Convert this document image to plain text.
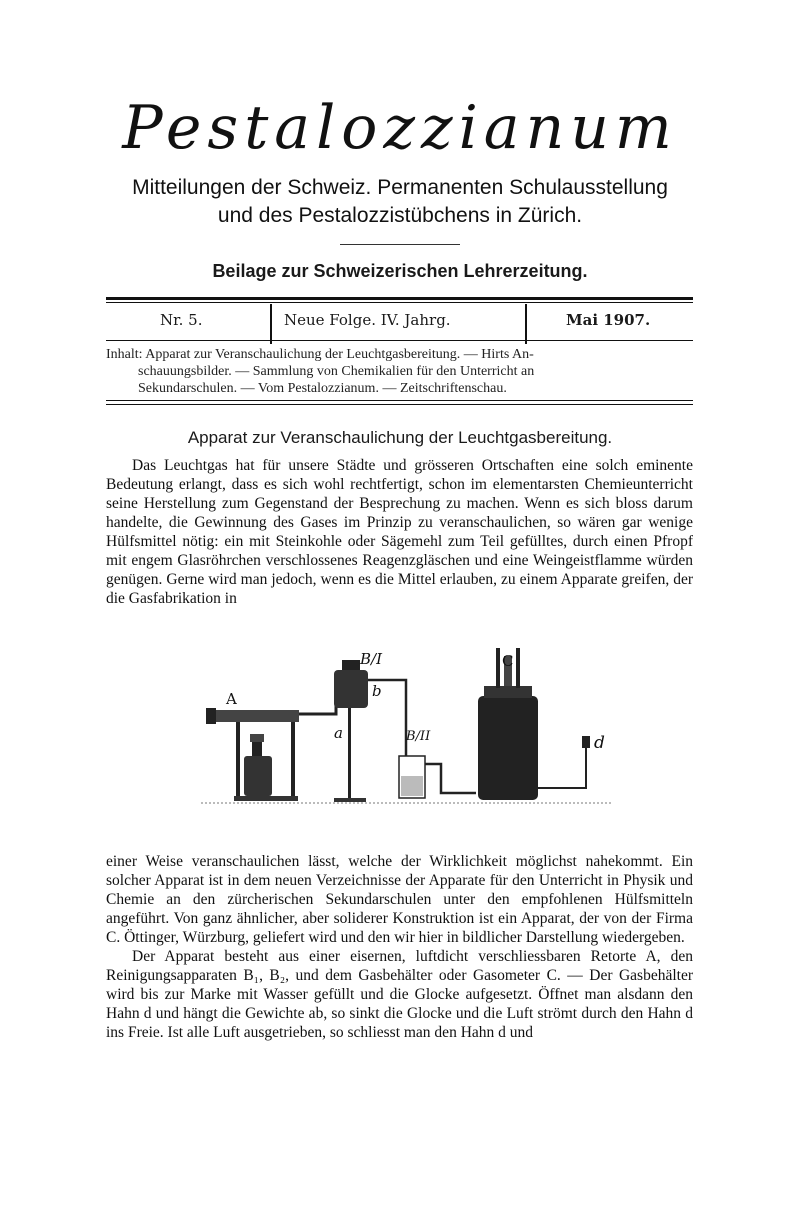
Pestalozzianum
Mitteilungen der Schweiz. Permanenten Schulausstellung
und des Pestalozzistübchens in Zürich.
Beilage zur Schweizerischen Lehrerzeitung.
Nr. 5.	Neue Folge. IV. Jahrg.	Mai 1907.
Inhalt: Apparat zur Veranschaulichung der Leuchtgasbereitung. — Hirts An-
schauungsbilder. — Sammlung von Chemikalien für den Unterricht an
Sekundarschulen. — Vom Pestalozzianum. — Zeitschriftenschau.
Apparat zur Veranschaulichung der Leuchtgasbereitung.

Das Leuchtgas hat für unsere Städte und grösseren Ortschaften eine solch eminente Bedeutung erlangt, dass es sich wohl rechtfertigt, schon im elementarsten Chemieunterricht seine Herstellung zum Gegenstand der Besprechung zu machen. Wenn es sich bloss darum handelte, die Gewinnung des Gases im Prinzip zu veranschaulichen, so wären gar wenige Hülfsmittel nötig: ein mit Steinkohle oder Sägemehl zum Teil gefülltes, durch einen Pfropf mit engem Glasröhrchen verschlossenes Reagenzgläschen und eine Weingeistflamme würden genügen. Gerne wird man jedoch, wenn es die Mittel erlauben, zu einem Apparate greifen, der die Gasfabrikation in

A
B/I
b
a	B/II
C
d

einer Weise veranschaulichen lässt, welche der Wirklichkeit möglichst nahekommt. Ein solcher Apparat ist in dem neuen Verzeichnisse der Apparate für den Unterricht in Physik und Chemie an den zürcherischen Sekundarschulen unter den empfohlenen Hülfsmitteln angeführt. Von ganz ähnlicher, aber soliderer Konstruktion ist ein Apparat, der von der Firma C. Öttinger, Würzburg, geliefert wird und den wir hier in bildlicher Darstellung wiedergeben.

Der Apparat besteht aus einer eisernen, luftdicht verschliessbaren Retorte A, den Reinigungsapparaten B₁, B₂, und dem Gasbehälter oder Gasometer C. — Der Gasbehälter wird bis zur Marke mit Wasser gefüllt und die Glocke aufgesetzt. Öffnet man alsdann den Hahn d und hängt die Gewichte ab, so sinkt die Glocke und die Luft strömt durch den Hahn d ins Freie. Ist alle Luft ausgetrieben, so schliesst man den Hahn d und
